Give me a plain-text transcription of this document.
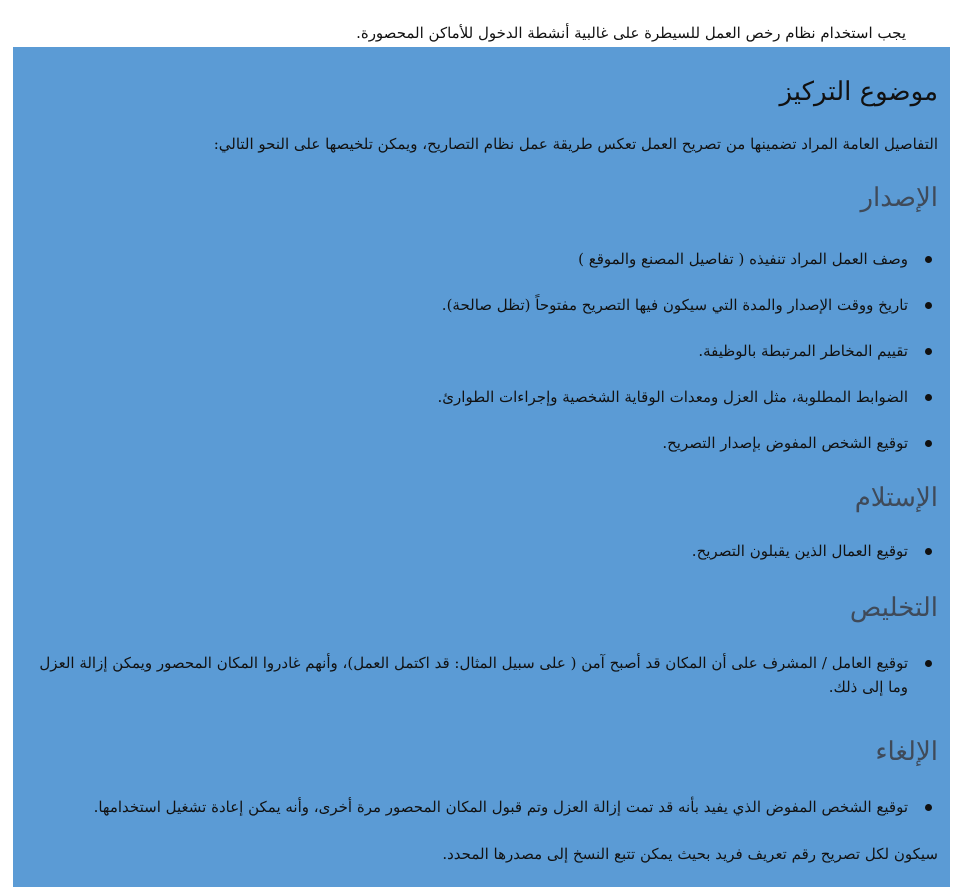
يجب استخدام نظام رخص العمل للسيطرة على غالبية أنشطة الدخول للأماكن المحصورة.

موضوع التركيز

التفاصيل العامة المراد تضمينها من تصريح العمل تعكس طريقة عمل نظام التصاريح، ويمكن تلخيصها على النحو التالي:

الإصدار
وصف العمل المراد تنفيذه ( تفاصيل المصنع والموقع )
تاريخ ووقت الإصدار والمدة التي سيكون فيها التصريح مفتوحاً (تظل صالحة).
تقييم المخاطر المرتبطة بالوظيفة.
الضوابط المطلوبة، مثل العزل ومعدات الوقاية الشخصية وإجراءات الطوارئ.
توقيع الشخص المفوض بإصدار التصريح.
الإستلام
توقيع العمال الذين يقبلون التصريح.
التخليص
توقيع العامل / المشرف على أن المكان قد أصبح آمن ( على سبيل المثال: قد اكتمل العمل)، وأنهم غادروا المكان المحصور ويمكن إزالة العزل وما إلى ذلك.
الإلغاء
توقيع الشخص المفوض الذي يفيد بأنه قد تمت إزالة العزل وتم قبول المكان المحصور مرة أخرى، وأنه يمكن إعادة تشغيل استخدامها.

سيكون لكل تصريح رقم تعريف فريد بحيث يمكن تتبع النسخ إلى مصدرها المحدد.
